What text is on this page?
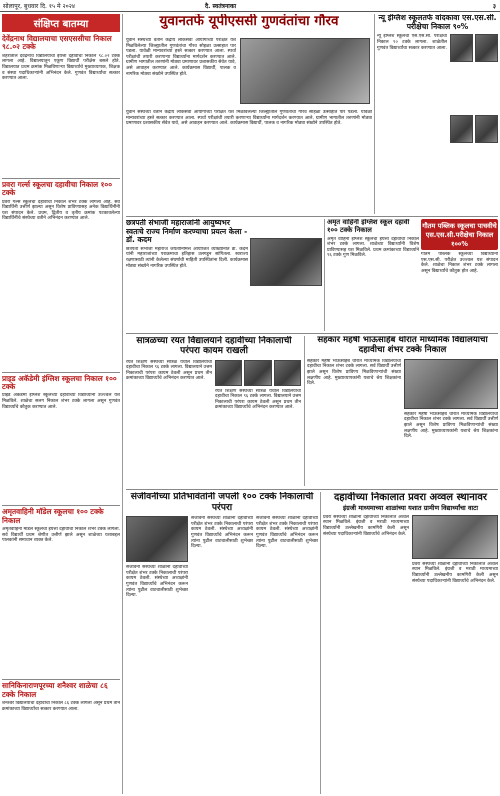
सोलापूर, बुधवार दि. १५ मे २०२४	दै. स्वतंत्रनाका	३
संक्षिप्त बातम्या
देवेंद्रनाथ विद्यालयाचा एसएससीचा निकाल ९८.०२ टक्के
शहरातील देवेंद्रनाथ विद्यालयाचा इयत्ता दहावीचा निकाल ९८.०२ टक्के लागला आहे. विद्यालयातून एकूण विद्यार्थी परीक्षेस बसले होते. विद्यालयात प्रथम क्रमांक मिळविणाऱ्या विद्यार्थ्याचे मुख्याध्यापक, शिक्षक व संस्था पदाधिकाऱ्यांनी अभिनंदन केले. गुणवंत विद्यार्थ्यांचा सत्कार करण्यात आला.
प्रवरा गर्ल्स स्कूलचा दहावीचा निकाल १०० टक्के
प्रवरा गर्ल्स स्कूलचा दहावीचा निकाल शंभर टक्के लागला आहे. सर्व विद्यार्थिनी उत्तीर्ण झाल्या असून विशेष प्राविण्यासह अनेक विद्यार्थिनींनी यश संपादन केले. प्रथम, द्वितीय व तृतीय क्रमांक पटकावलेल्या विद्यार्थिनींचे संस्थेच्या वतीने अभिनंदन करण्यात आले.
प्राइड अकॅडेमी इंग्लिश स्कूलचा निकाल १०० टक्के
प्राइड अकॅडेमी इंग्लिश स्कूलच्या दहावीच्या विद्यार्थ्यांनी उज्ज्वल यश मिळविले. शाळेचा सलग निकाल शंभर टक्के लागला असून गुणवंत विद्यार्थ्यांचे कौतुक करण्यात आले.
अमृतवाहिनी मॉडेल स्कूलचा १०० टक्के निकाल
अमृतवाहिनी मॉडेल स्कूलचा इयत्ता दहावीचा निकाल शंभर टक्के लागला. सर्व विद्यार्थी प्रथम श्रेणीत उत्तीर्ण झाले असून शाळेच्या यशाबद्दल पालकांनी समाधान व्यक्त केले.
सानिकिनाराणपूरच्या शनैश्वर शाळेचा ८६ टक्के निकाल
शनैश्वर विद्यालयाचा दहावीचा निकाल ८६ टक्के लागला असून प्रथम तीन क्रमांकाच्या विद्यार्थ्यांचा सत्कार करण्यात आला.
युवानतर्फे यूपीएससी गुणवंतांचा गौरव
युवान संस्थेच्या वतीने केंद्रीय लोकसेवा आयोगाच्या परीक्षेत यश मिळविलेल्या जिल्ह्यातील गुणवंतांचा गौरव सोहळा उत्साहात पार पडला. यावेळी मान्यवरांच्या हस्ते सत्कार करण्यात आला. स्पर्धा परीक्षांची तयारी करणाऱ्या विद्यार्थ्यांना मार्गदर्शन करण्यात आले. ग्रामीण भागातील तरुणांनी मोठ्या प्रमाणावर प्रशासकीय सेवेत यावे, असे आवाहन करण्यात आले. कार्यक्रमास विद्यार्थी, पालक व नागरिक मोठ्या संख्येने उपस्थित होते.
युवान संस्थेच्या वतीने केंद्रीय लोकसेवा आयोगाच्या परीक्षेत यश मिळविलेल्या जिल्ह्यातील गुणवंतांचा गौरव सोहळा उत्साहात पार पडला. यावेळी मान्यवरांच्या हस्ते सत्कार करण्यात आला. स्पर्धा परीक्षांची तयारी करणाऱ्या विद्यार्थ्यांना मार्गदर्शन करण्यात आले. ग्रामीण भागातील तरुणांनी मोठ्या प्रमाणावर प्रशासकीय सेवेत यावे, असे आवाहन करण्यात आले. कार्यक्रमास विद्यार्थी, पालक व नागरिक मोठ्या संख्येने उपस्थित होते.
न्यू इंग्लिश स्कूलतर्फे वांदकावा एस.एस.सी. परीक्षेचा निकाल ९०%
न्यू इंग्लिश स्कूलचा एस.एस.सी. परीक्षेचा निकाल ९० टक्के लागला. शाळेतील गुणवंत विद्यार्थ्यांचा सत्कार करण्यात आला.
छत्रपती संभाजी महाराजांनी आयुष्यभर स्वतःचे राज्य निर्माण करण्याचा प्रयत्न केला - डॉ. कदम
छत्रपती संभाजी महाराज जयंतीनिमित्त आयोजित व्याख्यानात डॉ. कदम यांनी महाराजांच्या पराक्रमाचा इतिहास उलगडून सांगितला. स्वराज्य रक्षणासाठी त्यांनी केलेल्या संघर्षाची माहिती उपस्थितांना दिली. कार्यक्रमास मोठ्या संख्येने नागरिक उपस्थित होते.
अमृत वाहिनी इंग्लिश स्कूल दहावी १०० टक्के निकाल
अमृत वाहिनी इंग्लिश स्कूलचा इयत्ता दहावीचा निकाल शंभर टक्के लागला. शाळेच्या विद्यार्थ्यांनी विशेष प्राविण्यासह यश मिळविले. प्रथम क्रमांकाच्या विद्यार्थ्याने ९६ टक्के गुण मिळविले.
गौतम पब्लिक स्कूलचा पाचवीचे एस.एस.सी.परीक्षेचा निकाल १००%
गौतम पब्लिक स्कूलच्या विद्यार्थ्यांनी एस.एस.सी. परीक्षेत उज्ज्वल यश संपादन केले. शाळेचा निकाल शंभर टक्के लागला असून विद्यार्थ्यांचे कौतुक होत आहे.
सात्रळच्या रयत विद्यालयाने दहावीच्या निकालाची परंपरा कायम राखली
रयत शिक्षण संस्थेच्या सात्रळ येथील विद्यालयाचा दहावीचा निकाल ९६ टक्के लागला. विद्यालयाने उत्तम निकालाची परंपरा कायम ठेवली असून प्रथम तीन क्रमांकाच्या विद्यार्थ्यांचे अभिनंदन करण्यात आले.
रयत शिक्षण संस्थेच्या सात्रळ येथील विद्यालयाचा दहावीचा निकाल ९६ टक्के लागला. विद्यालयाने उत्तम निकालाची परंपरा कायम ठेवली असून प्रथम तीन क्रमांकाच्या विद्यार्थ्यांचे अभिनंदन करण्यात आले.
सहकार महर्षी भाऊसाहेब थोरात माध्यमिक विद्यालयाचा दहावीचा शंभर टक्के निकाल
सहकार महर्षी भाऊसाहेब थोरात माध्यमिक विद्यालयाचा दहावीचा निकाल शंभर टक्के लागला. सर्व विद्यार्थी उत्तीर्ण झाले असून विशेष प्राविण्य मिळविणाऱ्यांची संख्या लक्षणीय आहे. मुख्याध्यापकांनी यशाचे श्रेय शिक्षकांना दिले.
सहकार महर्षी भाऊसाहेब थोरात माध्यमिक विद्यालयाचा दहावीचा निकाल शंभर टक्के लागला. सर्व विद्यार्थी उत्तीर्ण झाले असून विशेष प्राविण्य मिळविणाऱ्यांची संख्या लक्षणीय आहे. मुख्याध्यापकांनी यशाचे श्रेय शिक्षकांना दिले.
संजीवनीच्या प्रतिभावंतांनी जपली १०० टक्के निकालाची परंपरा
संजीवनी संस्थेच्या शाळांनी दहावीच्या परीक्षेत शंभर टक्के निकालाची परंपरा कायम ठेवली. संस्थेच्या अध्यक्षांनी गुणवंत विद्यार्थ्यांचे अभिनंदन करून त्यांना पुढील वाटचालीसाठी शुभेच्छा दिल्या.
संजीवनी संस्थेच्या शाळांनी दहावीच्या परीक्षेत शंभर टक्के निकालाची परंपरा कायम ठेवली. संस्थेच्या अध्यक्षांनी गुणवंत विद्यार्थ्यांचे अभिनंदन करून त्यांना पुढील वाटचालीसाठी शुभेच्छा दिल्या.
संजीवनी संस्थेच्या शाळांनी दहावीच्या परीक्षेत शंभर टक्के निकालाची परंपरा कायम ठेवली. संस्थेच्या अध्यक्षांनी गुणवंत विद्यार्थ्यांचे अभिनंदन करून त्यांना पुढील वाटचालीसाठी शुभेच्छा दिल्या.
दहावीच्या निकालात प्रवरा अव्वल स्थानावर
इंग्रजी माध्यमाच्या शाळांच्या यशात ग्रामीण विद्यार्थ्यांचा वाटा
प्रवरा संस्थेच्या शाळांनी दहावीच्या निकालात अव्वल स्थान मिळविले. इंग्रजी व मराठी माध्यमाच्या विद्यार्थ्यांनी उल्लेखनीय कामगिरी केली असून संस्थेच्या पदाधिकाऱ्यांनी विद्यार्थ्यांचे अभिनंदन केले.
प्रवरा संस्थेच्या शाळांनी दहावीच्या निकालात अव्वल स्थान मिळविले. इंग्रजी व मराठी माध्यमाच्या विद्यार्थ्यांनी उल्लेखनीय कामगिरी केली असून संस्थेच्या पदाधिकाऱ्यांनी विद्यार्थ्यांचे अभिनंदन केले.
